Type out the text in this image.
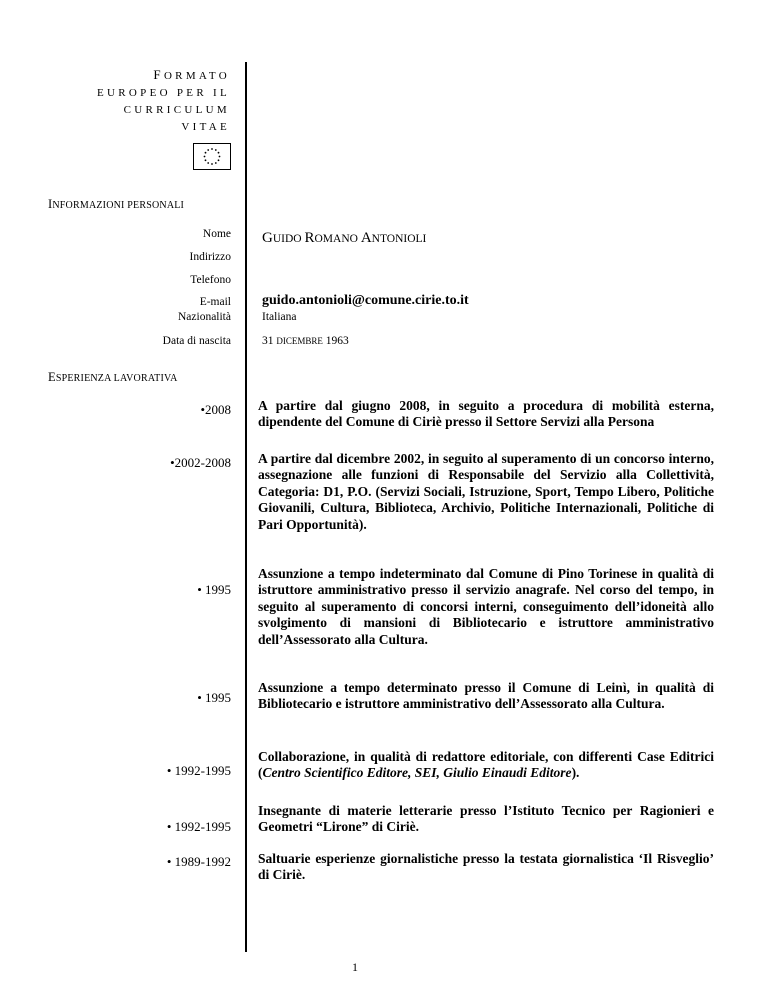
FORMATO
EUROPEO PER IL
CURRICULUM
VITAE
INFORMAZIONI PERSONALI
Nome GUIDO ROMANO ANTONIOLI
Indirizzo
Telefono
E-mail guido.antonioli@comune.cirie.to.it
Nazionalità	Italiana
Data di nascita	31 DICEMBRE 1963
ESPERIENZA LAVORATIVA
•2008 A partire dal giugno 2008, in seguito a procedura di mobilità esterna, dipendente del Comune di Ciriè presso il Settore Servizi alla Persona
•2002-2008 A partire dal dicembre 2002, in seguito al superamento di un concorso interno, assegnazione alle funzioni di Responsabile del Servizio alla Collettività, Categoria: D1, P.O. (Servizi Sociali, Istruzione, Sport, Tempo Libero, Politiche Giovanili, Cultura, Biblioteca, Archivio, Politiche Internazionali, Politiche di Pari Opportunità).
• 1995
Assunzione a tempo indeterminato dal Comune di Pino Torinese in qualità di istruttore amministrativo presso il servizio anagrafe. Nel corso del tempo, in seguito al superamento di concorsi interni, conseguimento dell’idoneità allo svolgimento di mansioni di Bibliotecario e istruttore amministrativo dell’Assessorato alla Cultura.
• 1995
Assunzione a tempo determinato presso il Comune di Leinì, in qualità di Bibliotecario e istruttore amministrativo dell’Assessorato alla Cultura.
• 1992-1995
Collaborazione, in qualità di redattore editoriale, con differenti Case Editrici (Centro Scientifico Editore, SEI, Giulio Einaudi Editore).
• 1992-1995
Insegnante di materie letterarie presso l’Istituto Tecnico per Ragionieri e Geometri “Lirone” di Ciriè.
• 1989-1992 Saltuarie esperienze giornalistiche presso la testata giornalistica ‘Il Risveglio’ di Ciriè.
1
